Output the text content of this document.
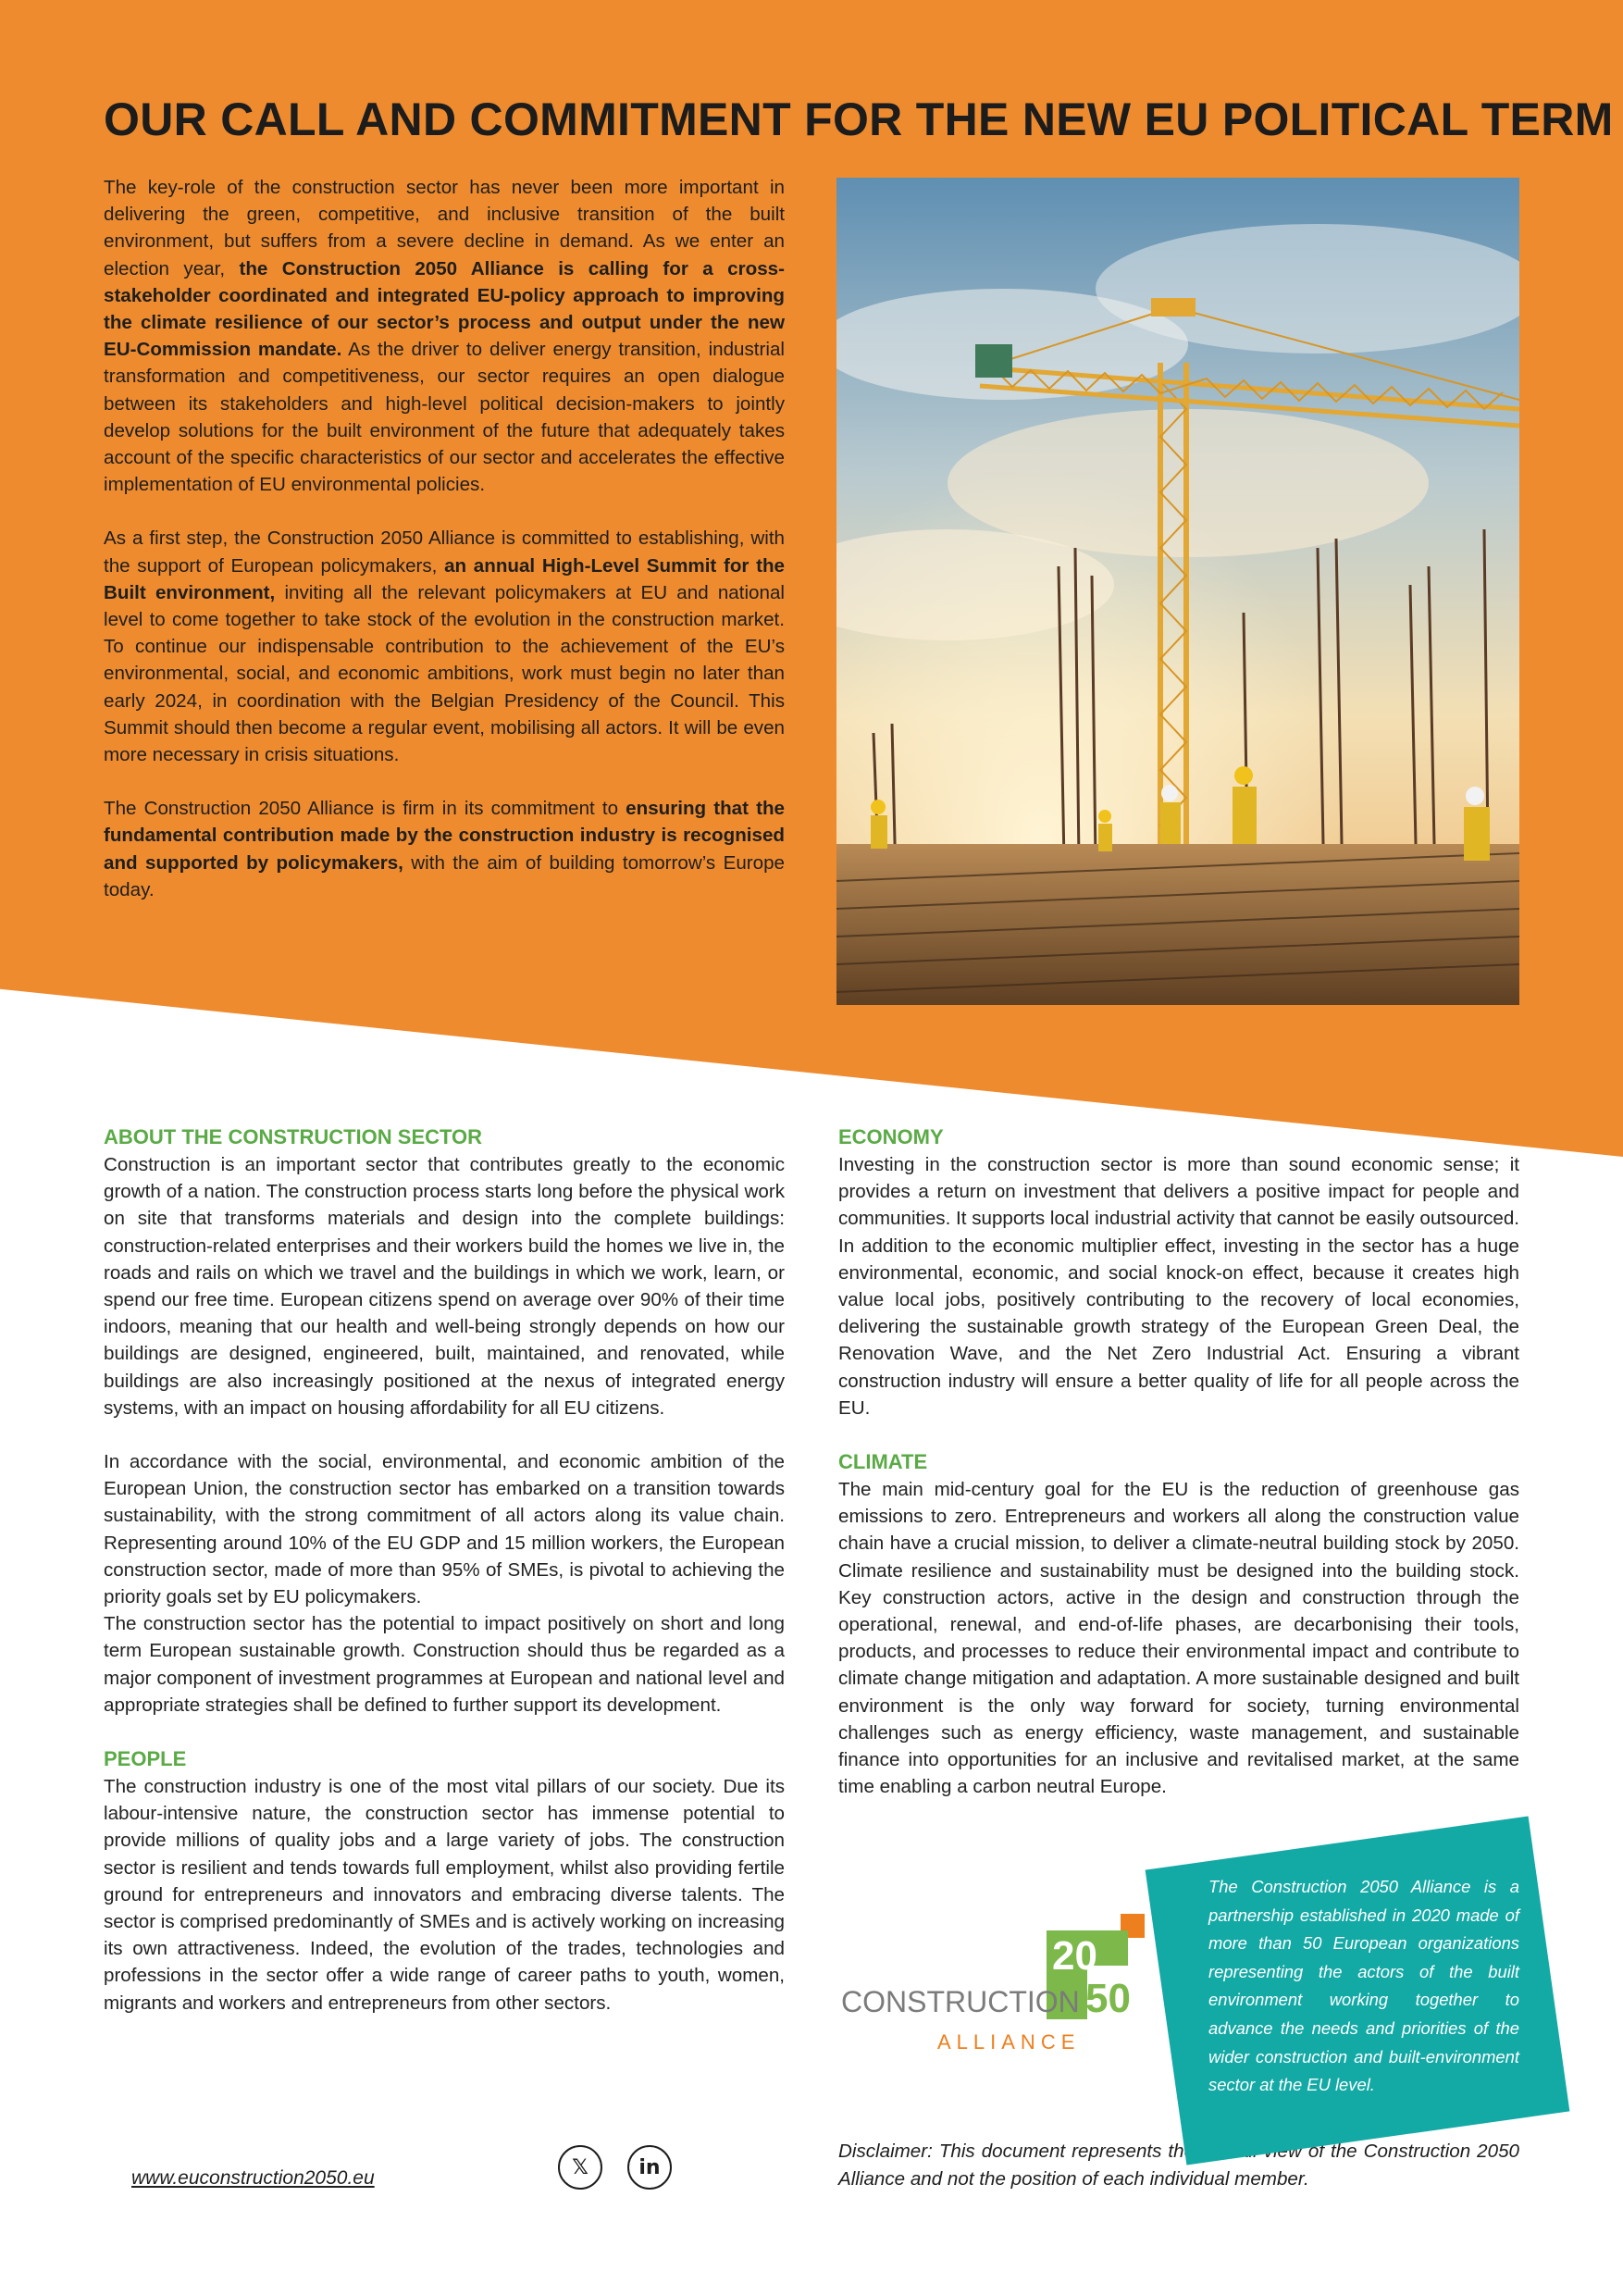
OUR CALL AND COMMITMENT FOR THE NEW EU POLITICAL TERM

The key-role of the construction sector has never been more important in delivering the green, competitive, and inclusive transition of the built environment, but suffers from a severe decline in demand. As we enter an election year, the Construction 2050 Alliance is calling for a cross-stakeholder coordinated and integrated EU-policy approach to improving the climate resilience of our sector’s process and output under the new EU-Commission mandate. As the driver to deliver energy transition, industrial transformation and competitiveness, our sector requires an open dialogue between its stakeholders and high-level political decision-makers to jointly develop solutions for the built environment of the future that adequately takes account of the specific characteristics of our sector and accelerates the effective implementation of EU environmental policies.

As a first step, the Construction 2050 Alliance is committed to establishing, with the support of European policymakers, an annual High-Level Summit for the Built environment, inviting all the relevant policymakers at EU and national level to come together to take stock of the evolution in the construction market. To continue our indispensable contribution to the achievement of the EU’s environmental, social, and economic ambitions, work must begin no later than early 2024, in coordination with the Belgian Presidency of the Council. This Summit should then become a regular event, mobilising all actors. It will be even more necessary in crisis situations.

The Construction 2050 Alliance is firm in its commitment to ensuring that the fundamental contribution made by the construction industry is recognised and supported by policymakers, with the aim of building tomorrow’s Europe today.

ABOUT THE CONSTRUCTION SECTOR

Construction is an important sector that contributes greatly to the economic growth of a nation. The construction process starts long before the physical work on site that transforms materials and design into the complete buildings: construction-related enterprises and their workers build the homes we live in, the roads and rails on which we travel and the buildings in which we work, learn, or spend our free time. European citizens spend on average over 90% of their time indoors, meaning that our health and well-being strongly depends on how our buildings are designed, engineered, built, maintained, and renovated, while buildings are also increasingly positioned at the nexus of integrated energy systems, with an impact on housing affordability for all EU citizens.

In accordance with the social, environmental, and economic ambition of the European Union, the construction sector has embarked on a transition towards sustainability, with the strong commitment of all actors along its value chain. Representing around 10% of the EU GDP and 15 million workers, the European construction sector, made of more than 95% of SMEs, is pivotal to achieving the priority goals set by EU policymakers.

The construction sector has the potential to impact positively on short and long term European sustainable growth. Construction should thus be regarded as a major component of investment programmes at European and national level and appropriate strategies shall be defined to further support its development.

PEOPLE

The construction industry is one of the most vital pillars of our society. Due its labour-intensive nature, the construction sector has immense potential to provide millions of quality jobs and a large variety of jobs. The construction sector is resilient and tends towards full employment, whilst also providing fertile ground for entrepreneurs and innovators and embracing diverse talents. The sector is comprised predominantly of SMEs and is actively working on increasing its own attractiveness. Indeed, the evolution of the trades, technologies and professions in the sector offer a wide range of career paths to youth, women, migrants and workers and entrepreneurs from other sectors.

ECONOMY

Investing in the construction sector is more than sound economic sense; it provides a return on investment that delivers a positive impact for people and communities. It supports local industrial activity that cannot be easily outsourced. In addition to the economic multiplier effect, investing in the sector has a huge environmental, economic, and social knock-on effect, because it creates high value local jobs, positively contributing to the recovery of local economies, delivering the sustainable growth strategy of the European Green Deal, the Renovation Wave, and the Net Zero Industrial Act. Ensuring a vibrant construction industry will ensure a better quality of life for all people across the EU.

CLIMATE

The main mid-century goal for the EU is the reduction of greenhouse gas emissions to zero. Entrepreneurs and workers all along the construction value chain have a crucial mission, to deliver a climate-neutral building stock by 2050. Climate resilience and sustainability must be designed into the building stock. Key construction actors, active in the design and construction through the operational, renewal, and end-of-life phases, are decarbonising their tools, products, and processes to reduce their environmental impact and contribute to climate change mitigation and adaptation. A more sustainable designed and built environment is the only way forward for society, turning environmental challenges such as energy efficiency, waste management, and sustainable finance into opportunities for an inclusive and revitalised market, at the same time enabling a carbon neutral Europe.

The Construction 2050 Alliance is a partnership established in 2020 made of more than 50 European organizations representing the actors of the built environment working together to advance the needs and priorities of the wider construction and built-environment sector at the EU level.
20
50
CONSTRUCTION
ALLIANCE
Disclaimer: This document represents the overall view of the Construction 2050 Alliance and not the position of each individual member.
www.euconstruction2050.eu	𝕏 in
